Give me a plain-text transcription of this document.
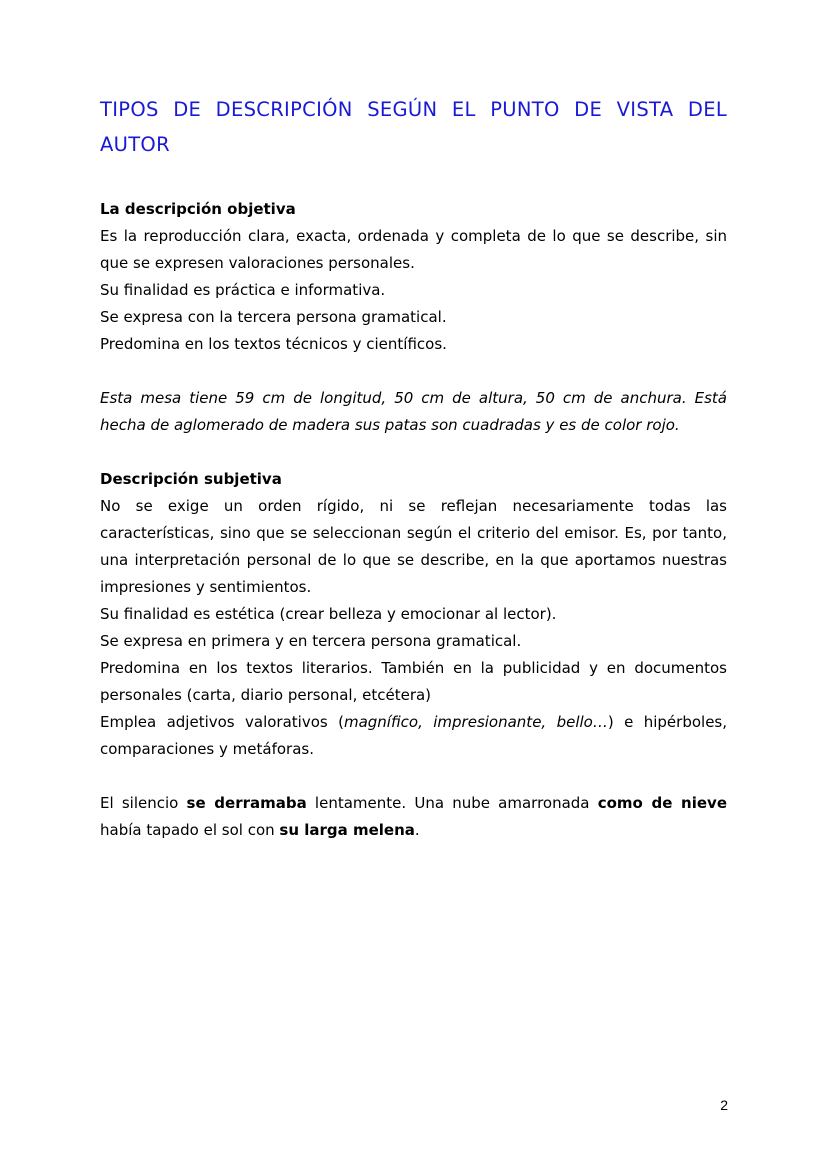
TIPOS DE DESCRIPCIÓN SEGÚN EL PUNTO DE VISTA DEL AUTOR

La descripción objetiva

Es la reproducción clara, exacta, ordenada y completa de lo que se describe, sin que se expresen valoraciones personales.

Su finalidad es práctica e informativa.

Se expresa con la tercera persona gramatical.

Predomina en los textos técnicos y científicos.

Esta mesa tiene 59 cm de longitud, 50 cm de altura, 50 cm de anchura. Está hecha de aglomerado de madera sus patas son cuadradas y es de color rojo.

Descripción subjetiva

No se exige un orden rígido, ni se reflejan necesariamente todas las características, sino que se seleccionan según el criterio del emisor. Es, por tanto, una interpretación personal de lo que se describe, en la que aportamos nuestras impresiones y sentimientos.

Su finalidad es estética (crear belleza y emocionar al lector).

Se expresa en primera y en tercera persona gramatical.

Predomina en los textos literarios. También en la publicidad y en documentos personales (carta, diario personal, etcétera)

Emplea adjetivos valorativos (magnífico, impresionante, bello…) e hipérboles, comparaciones y metáforas.

El silencio se derramaba lentamente. Una nube amarronada como de nieve había tapado el sol con su larga melena.

2
